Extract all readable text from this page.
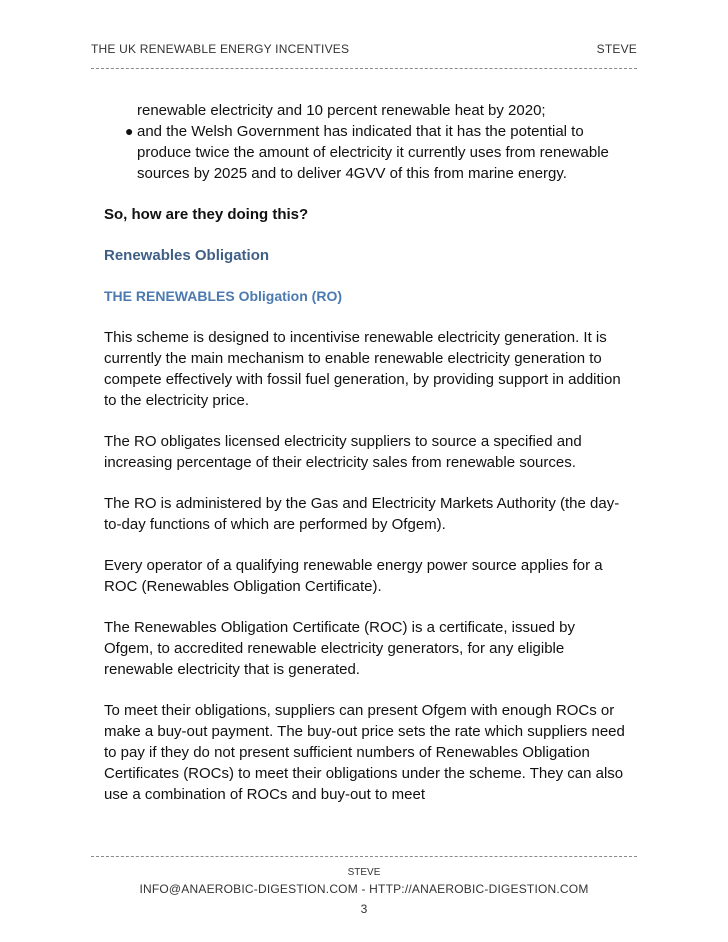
THE UK RENEWABLE ENERGY INCENTIVES	STEVE
renewable electricity and 10 percent renewable heat by 2020;
● and the Welsh Government has indicated that it has the potential to produce twice the amount of electricity it currently uses from renewable sources by 2025 and to deliver 4GVV of this from marine energy.

So, how are they doing this?

Renewables Obligation

THE RENEWABLES Obligation (RO)

This scheme is designed to incentivise renewable electricity generation. It is currently the main mechanism to enable renewable electricity generation to compete effectively with fossil fuel generation, by providing support in addition to the electricity price.

The RO obligates licensed electricity suppliers to source a specified and increasing percentage of their electricity sales from renewable sources.

The RO is administered by the Gas and Electricity Markets Authority (the day-to-day functions of which are performed by Ofgem).

Every operator of a qualifying renewable energy power source applies for a ROC (Renewables Obligation Certificate).

The Renewables Obligation Certificate (ROC) is a certificate, issued by Ofgem, to accredited renewable electricity generators, for any eligible renewable electricity that is generated.

To meet their obligations, suppliers can present Ofgem with enough ROCs or make a buy-out payment. The buy-out price sets the rate which suppliers need to pay if they do not present sufficient numbers of Renewables Obligation Certificates (ROCs) to meet their obligations under the scheme. They can also use a combination of ROCs and buy-out to meet

STEVE
INFO@ANAEROBIC-DIGESTION.COM - HTTP://ANAEROBIC-DIGESTION.COM
3
